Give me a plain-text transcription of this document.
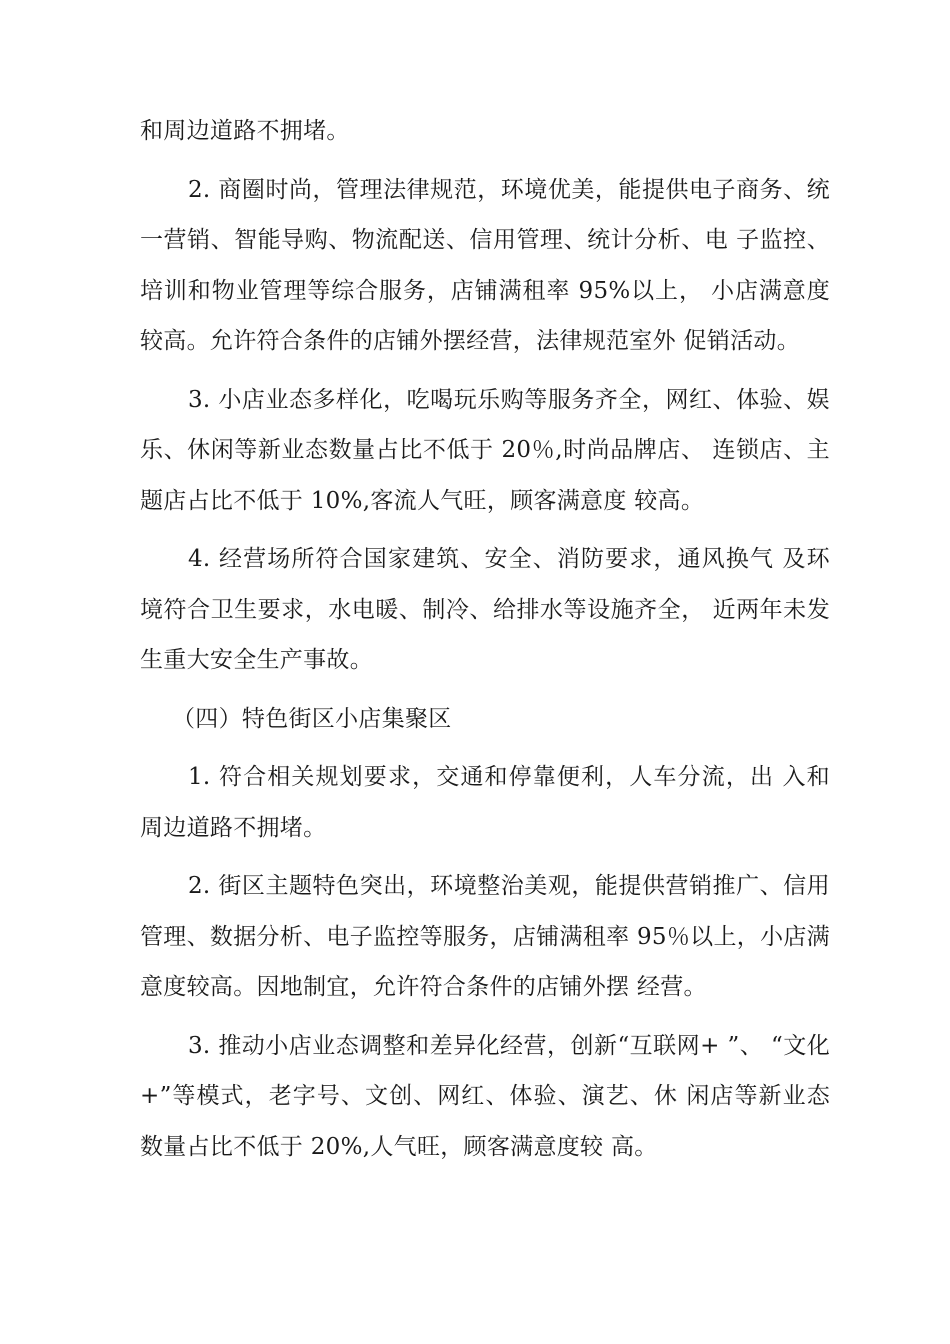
和周边道路不拥堵。

2. 商圈时尚，管理法律规范，环境优美，能提供电子商务、统一营销、智能导购、物流配送、信用管理、统计分析、电 子监控、培训和物业管理等综合服务，店铺满租率 95%以上， 小店满意度较高。允许符合条件的店铺外摆经营，法律规范室外 促销活动。

3. 小店业态多样化，吃喝玩乐购等服务齐全，网红、体验、娱乐、休闲等新业态数量占比不低于 20％,时尚品牌店、 连锁店、主题店占比不低于 10%,客流人气旺，顾客满意度 较高。

4. 经营场所符合国家建筑、安全、消防要求，通风换气 及环境符合卫生要求，水电暖、制冷、给排水等设施齐全， 近两年未发生重大安全生产事故。

（四）特色街区小店集聚区

1. 符合相关规划要求，交通和停靠便利，人车分流，出 入和周边道路不拥堵。

2. 街区主题特色突出，环境整治美观，能提供营销推广、信用管理、数据分析、电子监控等服务，店铺满租率 95％以上，小店满意度较高。因地制宜，允许符合条件的店铺外摆 经营。

3. 推动小店业态调整和差异化经营，创新“互联网+ ”、 “文化+”等模式，老字号、文创、网红、体验、演艺、休 闲店等新业态数量占比不低于 20%,人气旺，顾客满意度较 高。
